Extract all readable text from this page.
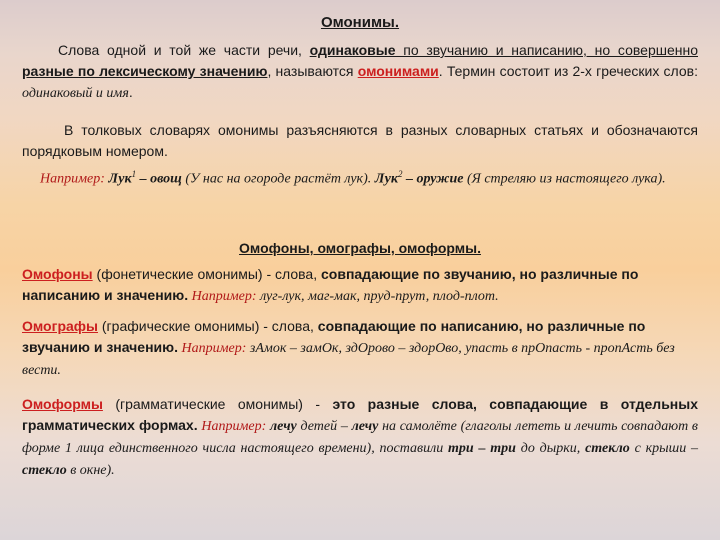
Омонимы.
Слова одной и той же части речи, одинаковые по звучанию и написанию, но совершенно разные по лексическому значению, называются омонимами. Термин состоит из 2-х греческих слов: одинаковый и имя.
В толковых словарях омонимы разъясняются в разных словарных статьях и обозначаются порядковым номером.
Например: Лук$^1$ – овощ (У нас на огороде растёт лук). Лук$^2$ – оружие (Я стреляю из настоящего лука).
Омофоны, омографы, омоформы.
Омофоны (фонетические омонимы) - слова, совпадающие по звучанию, но различные по написанию и значению. Например: луг-лук, маг-мак, пруд-прут, плод-плот.
Омографы (графические омонимы) - слова, совпадающие по написанию, но различные по звучанию и значению. Например: зАмок – замОк, здОрово – здорОво, упасть в прОпасть - пропАсть без вести.
Омоформы (грамматические омонимы) - это разные слова, совпадающие в отдельных грамматических формах. Например: лечу детей – лечу на самолёте (глаголы лететь и лечить совпадают в форме 1 лица единственного числа настоящего времени), поставили три – три до дырки, стекло с крыши – стекло в окне).
